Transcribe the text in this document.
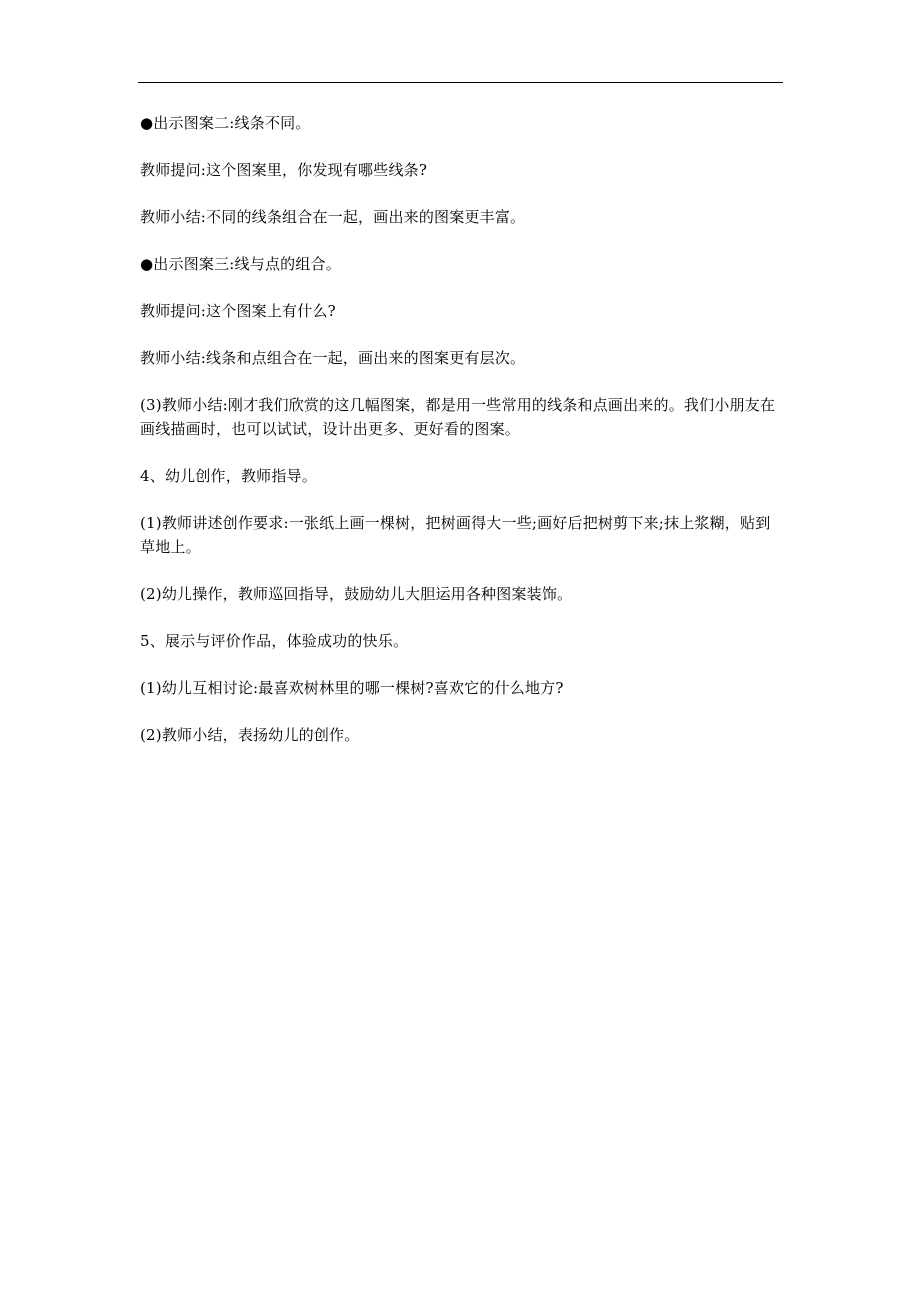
●出示图案二:线条不同。

教师提问:这个图案里，你发现有哪些线条?

教师小结:不同的线条组合在一起，画出来的图案更丰富。

●出示图案三:线与点的组合。

教师提问:这个图案上有什么?

教师小结:线条和点组合在一起，画出来的图案更有层次。

(3)教师小结:刚才我们欣赏的这几幅图案，都是用一些常用的线条和点画出来的。我们小朋友在画线描画时，也可以试试，设计出更多、更好看的图案。

4、幼儿创作，教师指导。

(1)教师讲述创作要求:一张纸上画一棵树，把树画得大一些;画好后把树剪下来;抹上浆糊，贴到草地上。

(2)幼儿操作，教师巡回指导，鼓励幼儿大胆运用各种图案装饰。

5、展示与评价作品，体验成功的快乐。

(1)幼儿互相讨论:最喜欢树林里的哪一棵树?喜欢它的什么地方?

(2)教师小结，表扬幼儿的创作。
